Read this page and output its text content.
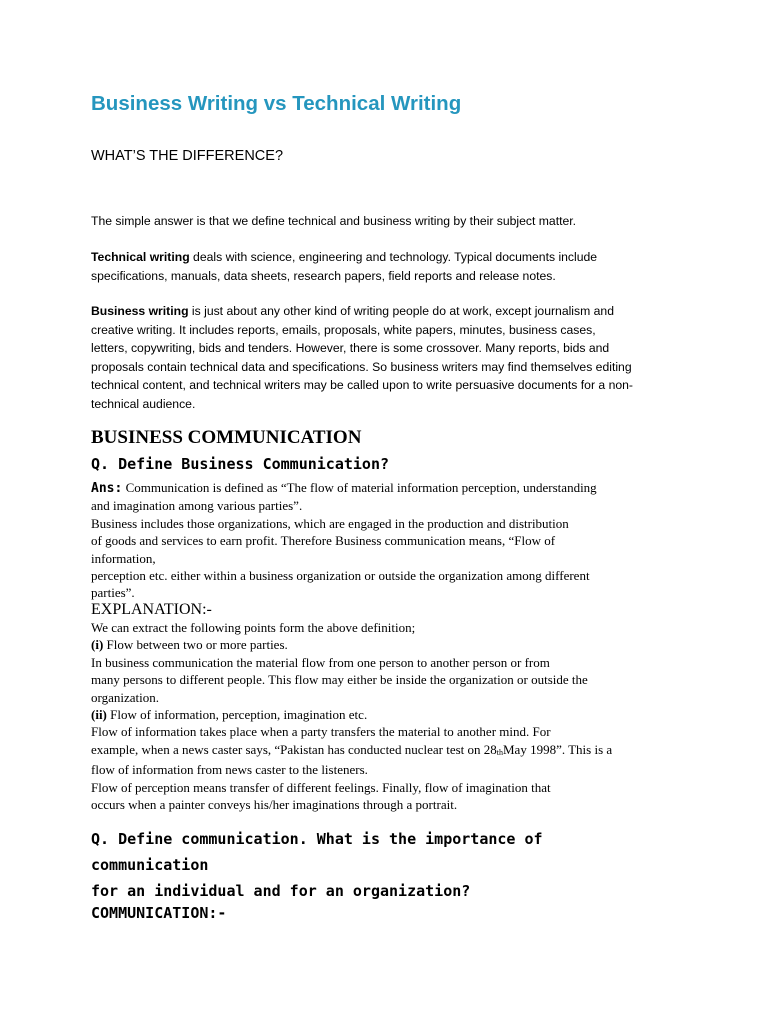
Business Writing vs Technical Writing

WHAT’S THE DIFFERENCE?

The simple answer is that we define technical and business writing by their subject matter.

Technical writing deals with science, engineering and technology. Typical documents include
specifications, manuals, data sheets, research papers, field reports and release notes.

Business writing is just about any other kind of writing people do at work, except journalism and
creative writing. It includes reports, emails, proposals, white papers, minutes, business cases,
letters, copywriting, bids and tenders. However, there is some crossover. Many reports, bids and
proposals contain technical data and specifications. So business writers may find themselves editing
technical content, and technical writers may be called upon to write persuasive documents for a non-
technical audience.

BUSINESS COMMUNICATION
Q. Define Business Communication?
Ans: Communication is defined as “The flow of material information perception, understanding
and imagination among various parties”.
Business includes those organizations, which are engaged in the production and distribution
of goods and services to earn profit. Therefore Business communication means, “Flow of
information,
perception etc. either within a business organization or outside the organization among different
parties”.
EXPLANATION:-
We can extract the following points form the above definition;
(i) Flow between two or more parties.
In business communication the material flow from one person to another person or from
many persons to different people. This flow may either be inside the organization or outside the
organization.
(ii) Flow of information, perception, imagination etc.
Flow of information takes place when a party transfers the material to another mind. For
example, when a news caster says, “Pakistan has conducted nuclear test on $28_{th}May$ 1998”. This is a
flow of information from news caster to the listeners.
Flow of perception means transfer of different feelings. Finally, flow of imagination that
occurs when a painter conveys his/her imaginations through a portrait.
Q. Define communication. What is the importance of
communication
for an individual and for an organization?
COMMUNICATION:-
